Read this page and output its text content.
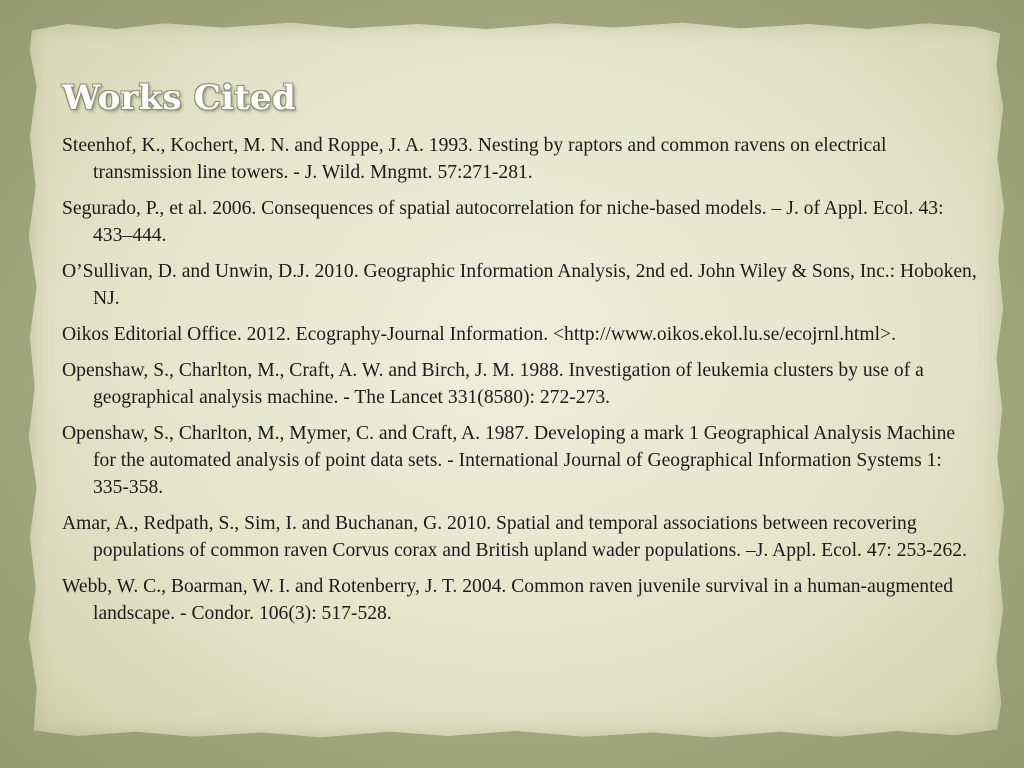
Works Cited
Steenhof, K., Kochert, M. N. and Roppe, J. A. 1993. Nesting by raptors and common ravens on electrical transmission line towers. - J. Wild. Mngmt. 57:271-281.
Segurado, P., et al. 2006. Consequences of spatial autocorrelation for niche-based models. – J. of Appl. Ecol. 43: 433–444.
O’Sullivan, D. and Unwin, D.J. 2010. Geographic Information Analysis, 2nd ed. John Wiley & Sons, Inc.: Hoboken, NJ.
Oikos Editorial Office. 2012. Ecography-Journal Information. <http://www.oikos.ekol.lu.se/ecojrnl.html>.
Openshaw, S., Charlton, M., Craft, A. W. and Birch, J. M. 1988. Investigation of leukemia clusters by use of a geographical analysis machine. - The Lancet 331(8580): 272-273.
Openshaw, S., Charlton, M., Mymer, C. and Craft, A. 1987. Developing a mark 1 Geographical Analysis Machine for the automated analysis of point data sets. - International Journal of Geographical Information Systems 1: 335-358.
Amar, A., Redpath, S., Sim, I. and Buchanan, G. 2010. Spatial and temporal associations between recovering populations of common raven Corvus corax and British upland wader populations. –J. Appl. Ecol. 47: 253-262.
Webb, W. C., Boarman, W. I. and Rotenberry, J. T. 2004. Common raven juvenile survival in a human-augmented landscape. - Condor. 106(3): 517-528.
